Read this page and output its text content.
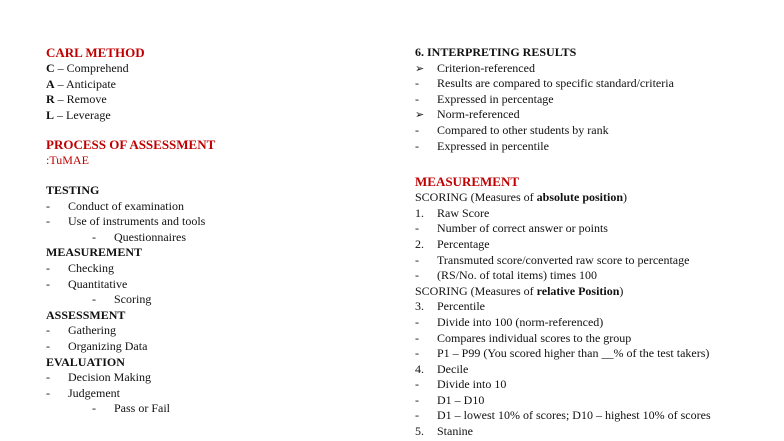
CARL METHOD
C – Comprehend
A – Anticipate
R – Remove
L – Leverage
PROCESS OF ASSESSMENT
:TuMAE
TESTING
-	Conduct of examination
-	Use of instruments and tools
-	Questionnaires
MEASUREMENT
-	Checking
-	Quantitative
-	Scoring
ASSESSMENT
-	Gathering
-	Organizing Data
EVALUATION
-	Decision Making
-	Judgement
-	Pass or Fail
6. INTERPRETING RESULTS
➢	Criterion-referenced
-	Results are compared to specific standard/criteria
-	Expressed in percentage
➢	Norm-referenced
-	Compared to other students by rank
-	Expressed in percentile
MEASUREMENT
SCORING (Measures of absolute position)
1.	Raw Score
-	Number of correct answer or points
2.	Percentage
-	Transmuted score/converted raw score to percentage
-	(RS/No. of total items) times 100
SCORING (Measures of relative Position)
3.	Percentile
-	Divide into 100 (norm-referenced)
-	Compares individual scores to the group
-	P1 – P99 (You scored higher than __% of the test takers)
4.	Decile
-	Divide into 10
-	D1 – D10
-	D1 – lowest 10% of scores; D10 – highest 10% of scores
5.	Stanine
